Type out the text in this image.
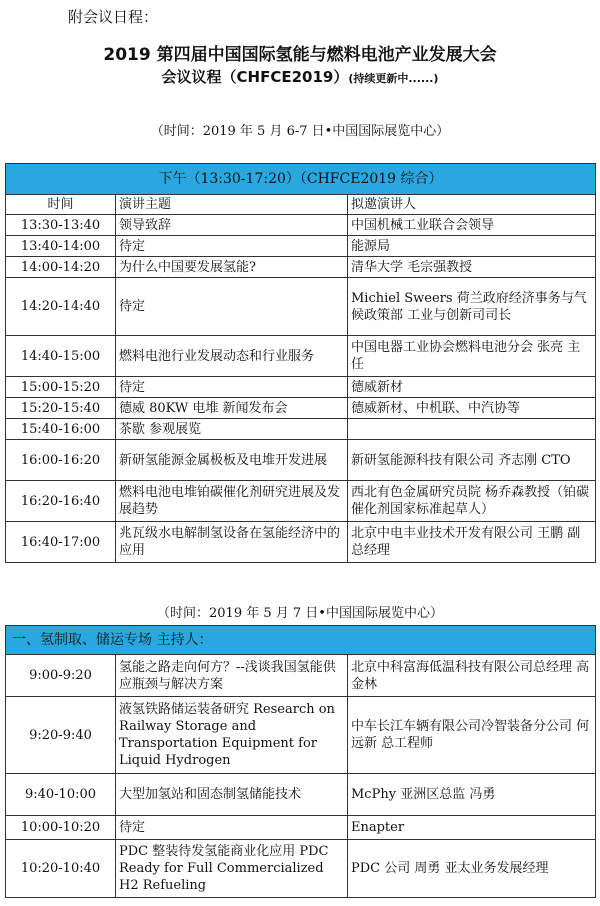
附会议日程：
2019 第四届中国国际氢能与燃料电池产业发展大会
会议议程（CHFCE2019）(持续更新中......)
（时间：2019 年 5 月 6-7 日•中国国际展览中心）
下午（13:30-17:20）（CHFCE2019 综合）		
时间	演讲主题	拟邀演讲人
13:30-13:40	领导致辞	中国机械工业联合会领导
13:40-14:00	待定	能源局
14:00-14:20	为什么中国要发展氢能?	清华大学 毛宗强教授
14:20-14:40	待定	Michiel Sweers 荷兰政府经济事务与气候政策部 工业与创新司司长
14:40-15:00	燃料电池行业发展动态和行业服务	中国电器工业协会燃料电池分会 张亮 主任
15:00-15:20	待定	德威新材
15:20-15:40	德威 80KW 电堆 新闻发布会	德威新材、中机联、中汽协等
15:40-16:00	茶歇 参观展览	
16:00-16:20	新研氢能源金属极板及电堆开发进展	新研氢能源科技有限公司 齐志刚 CTO
16:20-16:40	燃料电池电堆铂碳催化剂研究进展及发展趋势	西北有色金属研究员院 杨乔森教授（铂碳催化剂国家标准起草人）
16:40-17:00	兆瓦级水电解制氢设备在氢能经济中的应用	北京中电丰业技术开发有限公司 王鹏 副总经理
（时间：2019 年 5 月 7 日•中国国际展览中心）
一、氢制取、储运专场 主持人：		
9:00-9:20	氢能之路走向何方？--浅谈我国氢能供应瓶颈与解决方案	北京中科富海低温科技有限公司总经理 高金林
9:20-9:40	液氢铁路储运装备研究 Research on Railway Storage and Transportation Equipment for Liquid Hydrogen	中车长江车辆有限公司冷智装备分公司 何远新 总工程师
9:40-10:00	大型加氢站和固态制氢储能技术	McPhy 亚洲区总监 冯勇
10:00-10:20	待定	Enapter
10:20-10:40	PDC 整装待发氢能商业化应用 PDC Ready for Full Commercialized H2 Refueling	PDC 公司 周勇 亚太业务发展经理
